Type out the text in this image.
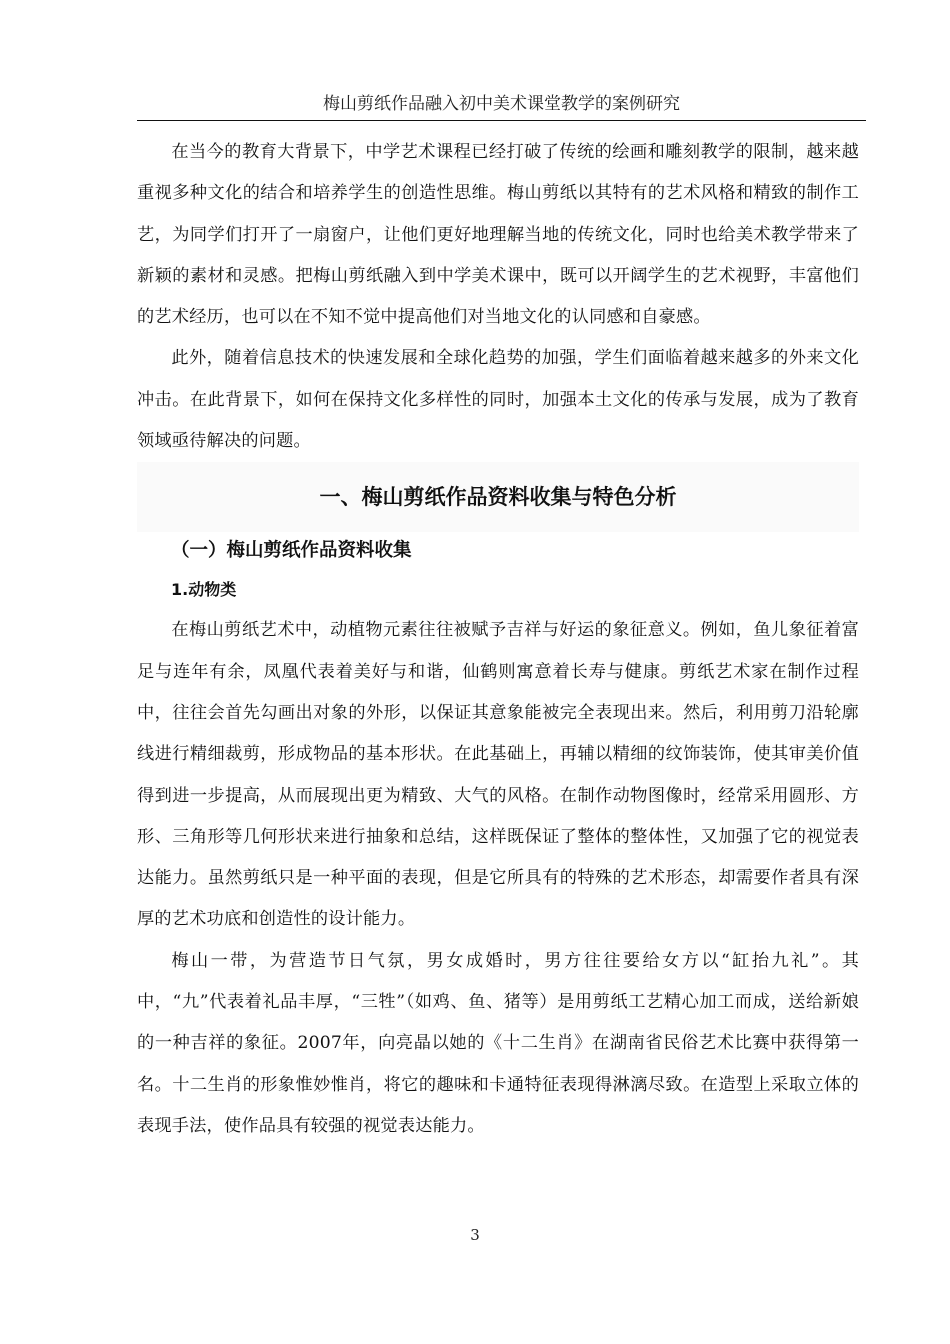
梅山剪纸作品融入初中美术课堂教学的案例研究

在当今的教育大背景下，中学艺术课程已经打破了传统的绘画和雕刻教学的限制，越来越重视多种文化的结合和培养学生的创造性思维。梅山剪纸以其特有的艺术风格和精致的制作工艺，为同学们打开了一扇窗户，让他们更好地理解当地的传统文化，同时也给美术教学带来了新颖的素材和灵感。把梅山剪纸融入到中学美术课中，既可以开阔学生的艺术视野，丰富他们的艺术经历，也可以在不知不觉中提高他们对当地文化的认同感和自豪感。

此外，随着信息技术的快速发展和全球化趋势的加强，学生们面临着越来越多的外来文化冲击。在此背景下，如何在保持文化多样性的同时，加强本土文化的传承与发展，成为了教育领域亟待解决的问题。

一、梅山剪纸作品资料收集与特色分析
（一）梅山剪纸作品资料收集
1.动物类

在梅山剪纸艺术中，动植物元素往往被赋予吉祥与好运的象征意义。例如，鱼儿象征着富足与连年有余，凤凰代表着美好与和谐，仙鹤则寓意着长寿与健康。剪纸艺术家在制作过程中，往往会首先勾画出对象的外形，以保证其意象能被完全表现出来。然后，利用剪刀沿轮廓线进行精细裁剪，形成物品的基本形状。在此基础上，再辅以精细的纹饰装饰，使其审美价值得到进一步提高，从而展现出更为精致、大气的风格。在制作动物图像时，经常采用圆形、方形、三角形等几何形状来进行抽象和总结，这样既保证了整体的整体性，又加强了它的视觉表达能力。虽然剪纸只是一种平面的表现，但是它所具有的特殊的艺术形态，却需要作者具有深厚的艺术功底和创造性的设计能力。

梅山一带，为营造节日气氛，男女成婚时，男方往往要给女方以“缸抬九礼”。其中，“九”代表着礼品丰厚，“三牲”（如鸡、鱼、猪等）是用剪纸工艺精心加工而成，送给新娘的一种吉祥的象征。2007年，向亮晶以她的《十二生肖》在湖南省民俗艺术比赛中获得第一名。十二生肖的形象惟妙惟肖，将它的趣味和卡通特征表现得淋漓尽致。在造型上采取立体的表现手法，使作品具有较强的视觉表达能力。

3
